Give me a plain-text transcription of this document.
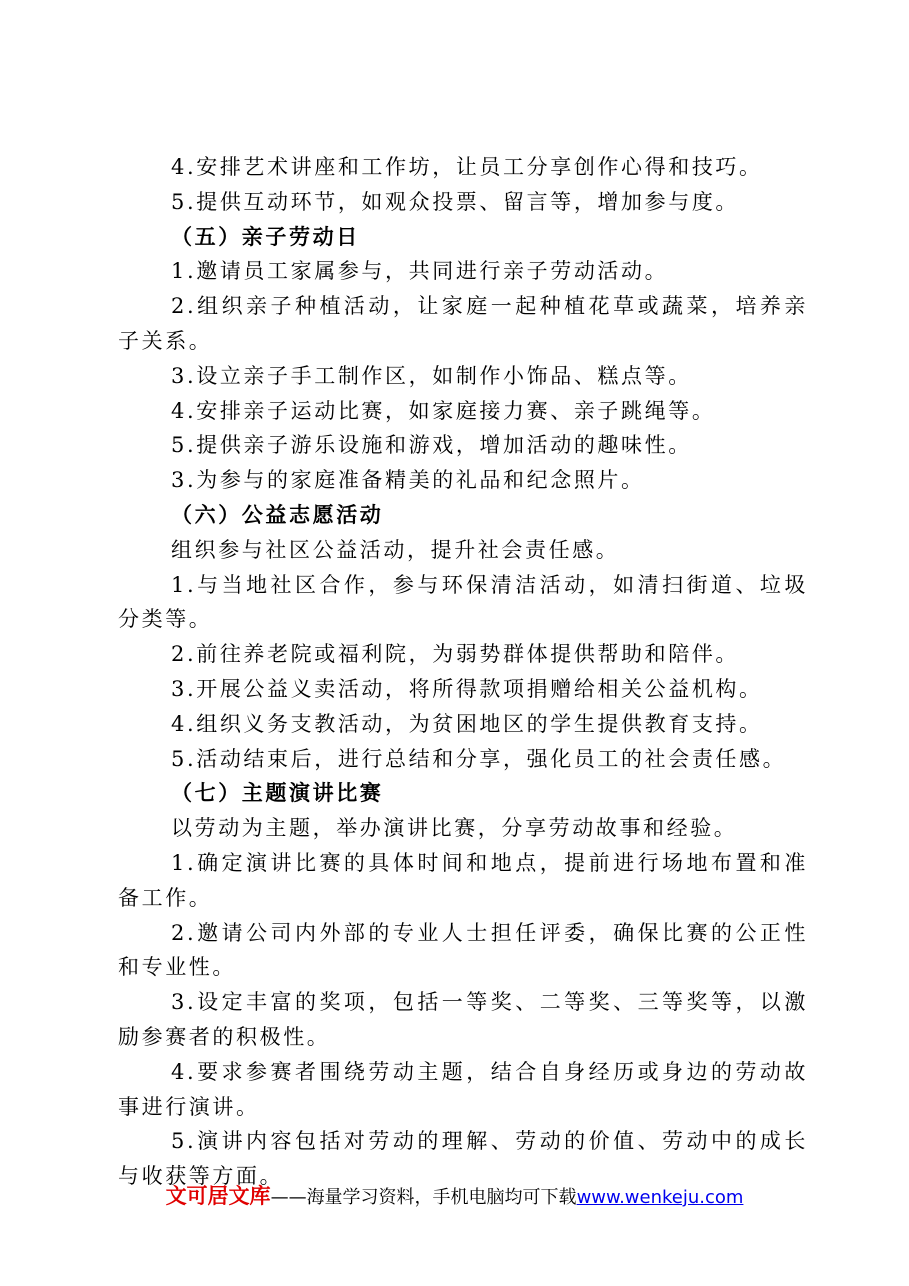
4.安排艺术讲座和工作坊，让员工分享创作心得和技巧。

5.提供互动环节，如观众投票、留言等，增加参与度。

（五）亲子劳动日

1.邀请员工家属参与，共同进行亲子劳动活动。

2.组织亲子种植活动，让家庭一起种植花草或蔬菜，培养亲子关系。

3.设立亲子手工制作区，如制作小饰品、糕点等。

4.安排亲子运动比赛，如家庭接力赛、亲子跳绳等。

5.提供亲子游乐设施和游戏，增加活动的趣味性。

3.为参与的家庭准备精美的礼品和纪念照片。

（六）公益志愿活动

组织参与社区公益活动，提升社会责任感。

1.与当地社区合作，参与环保清洁活动，如清扫街道、垃圾分类等。

2.前往养老院或福利院，为弱势群体提供帮助和陪伴。

3.开展公益义卖活动，将所得款项捐赠给相关公益机构。

4.组织义务支教活动，为贫困地区的学生提供教育支持。

5.活动结束后，进行总结和分享，强化员工的社会责任感。

（七）主题演讲比赛

以劳动为主题，举办演讲比赛，分享劳动故事和经验。

1.确定演讲比赛的具体时间和地点，提前进行场地布置和准备工作。

2.邀请公司内外部的专业人士担任评委，确保比赛的公正性和专业性。

3.设定丰富的奖项，包括一等奖、二等奖、三等奖等，以激励参赛者的积极性。

4.要求参赛者围绕劳动主题，结合自身经历或身边的劳动故事进行演讲。

5.演讲内容包括对劳动的理解、劳动的价值、劳动中的成长与收获等方面。

文可居文库——海量学习资料，手机电脑均可下载www.wenkeju.com
